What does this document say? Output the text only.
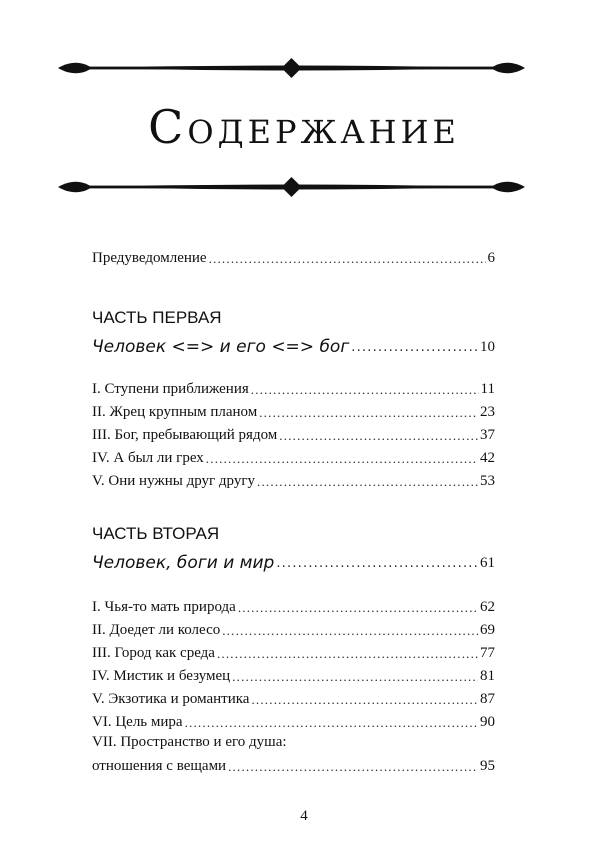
Содержание
Предуведомление .....	6
ЧАСТЬ ПЕРВАЯ
Человек <=> и его <=> бог .....	10
I. Ступени приближения .....	11
II. Жрец крупным планом .....	23
III. Бог, пребывающий рядом .....	37
IV. А был ли грех .....	42
V. Они нужны друг другу .....	53
ЧАСТЬ ВТОРАЯ
Человек, боги и мир .....	61
I. Чья-то мать природа .....	62
II. Доедет ли колесо .....	69
III. Город как среда .....	77
IV. Мистик и безумец .....	81
V. Экзотика и романтика .....	87
VI. Цель мира .....	90
VII. Пространство и его душа:
отношения с вещами .....	95
4
